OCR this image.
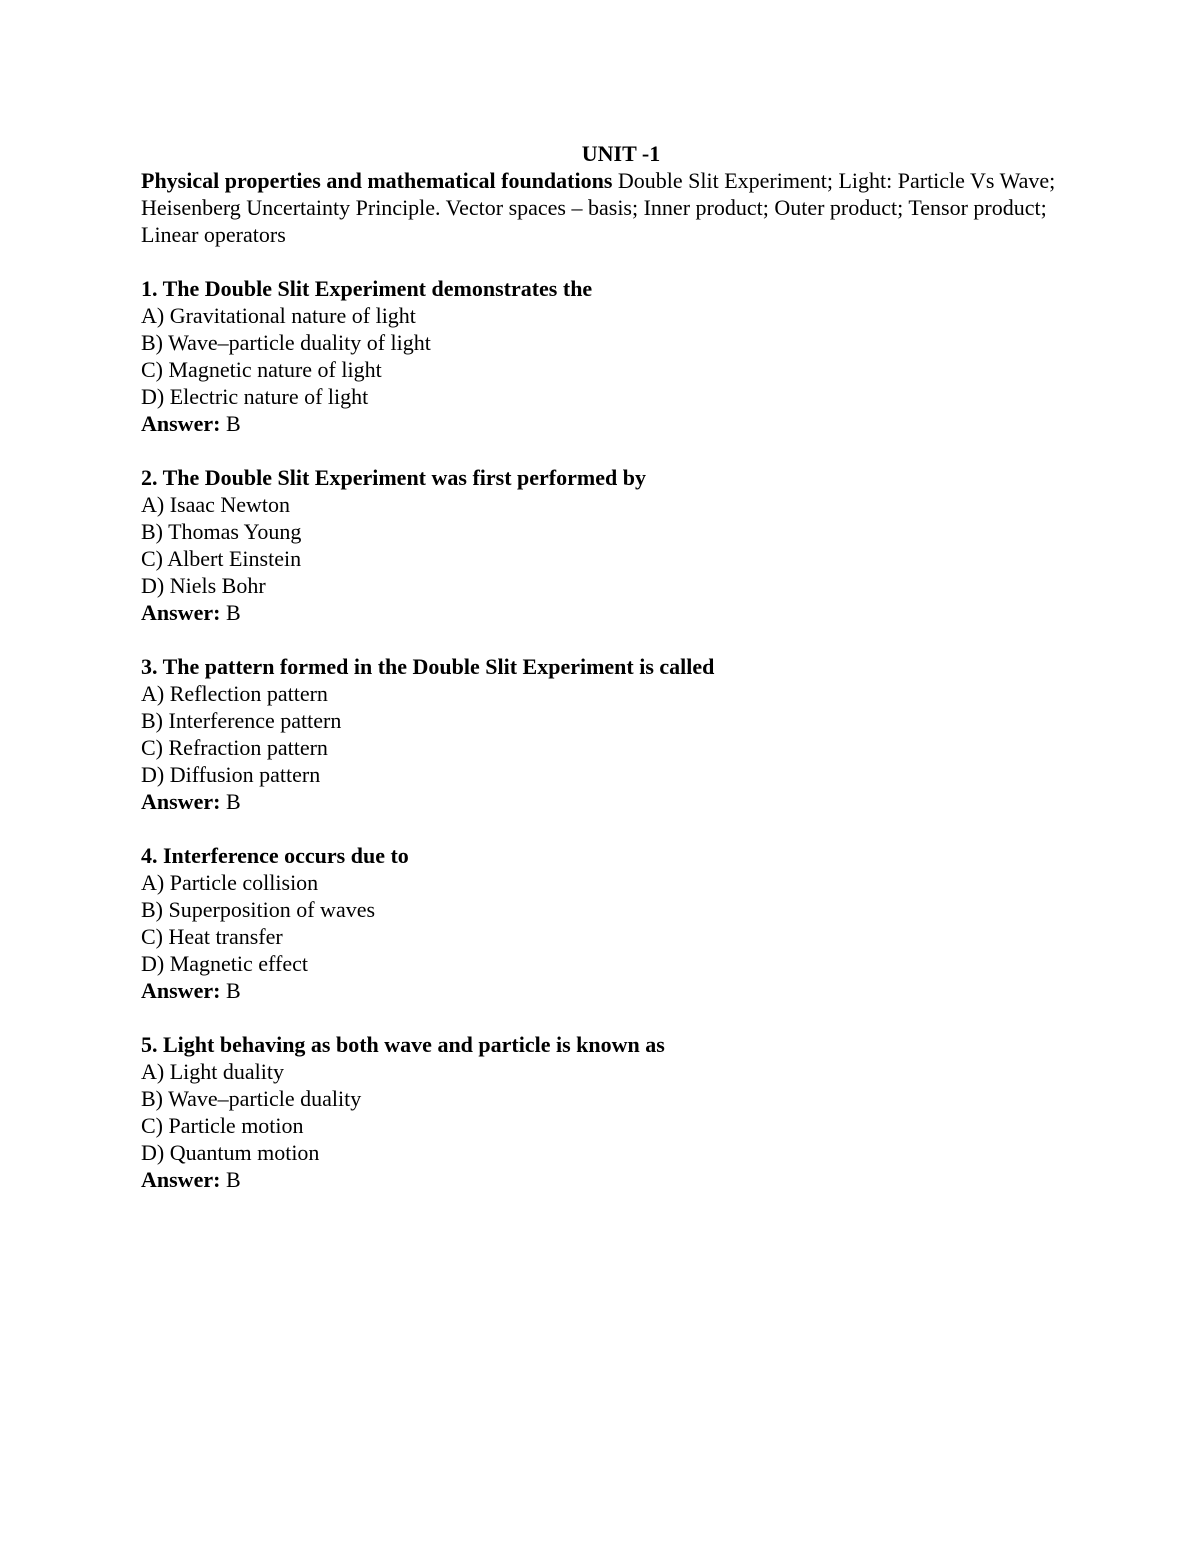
UNIT -1

Physical properties and mathematical foundations Double Slit Experiment; Light: Particle Vs Wave; Heisenberg Uncertainty Principle. Vector spaces – basis; Inner product; Outer product; Tensor product; Linear operators

1. The Double Slit Experiment demonstrates the
A) Gravitational nature of light
B) Wave–particle duality of light
C) Magnetic nature of light
D) Electric nature of light
Answer: B
2. The Double Slit Experiment was first performed by
A) Isaac Newton
B) Thomas Young
C) Albert Einstein
D) Niels Bohr
Answer: B
3. The pattern formed in the Double Slit Experiment is called
A) Reflection pattern
B) Interference pattern
C) Refraction pattern
D) Diffusion pattern
Answer: B
4. Interference occurs due to
A) Particle collision
B) Superposition of waves
C) Heat transfer
D) Magnetic effect
Answer: B
5. Light behaving as both wave and particle is known as
A) Light duality
B) Wave–particle duality
C) Particle motion
D) Quantum motion
Answer: B
